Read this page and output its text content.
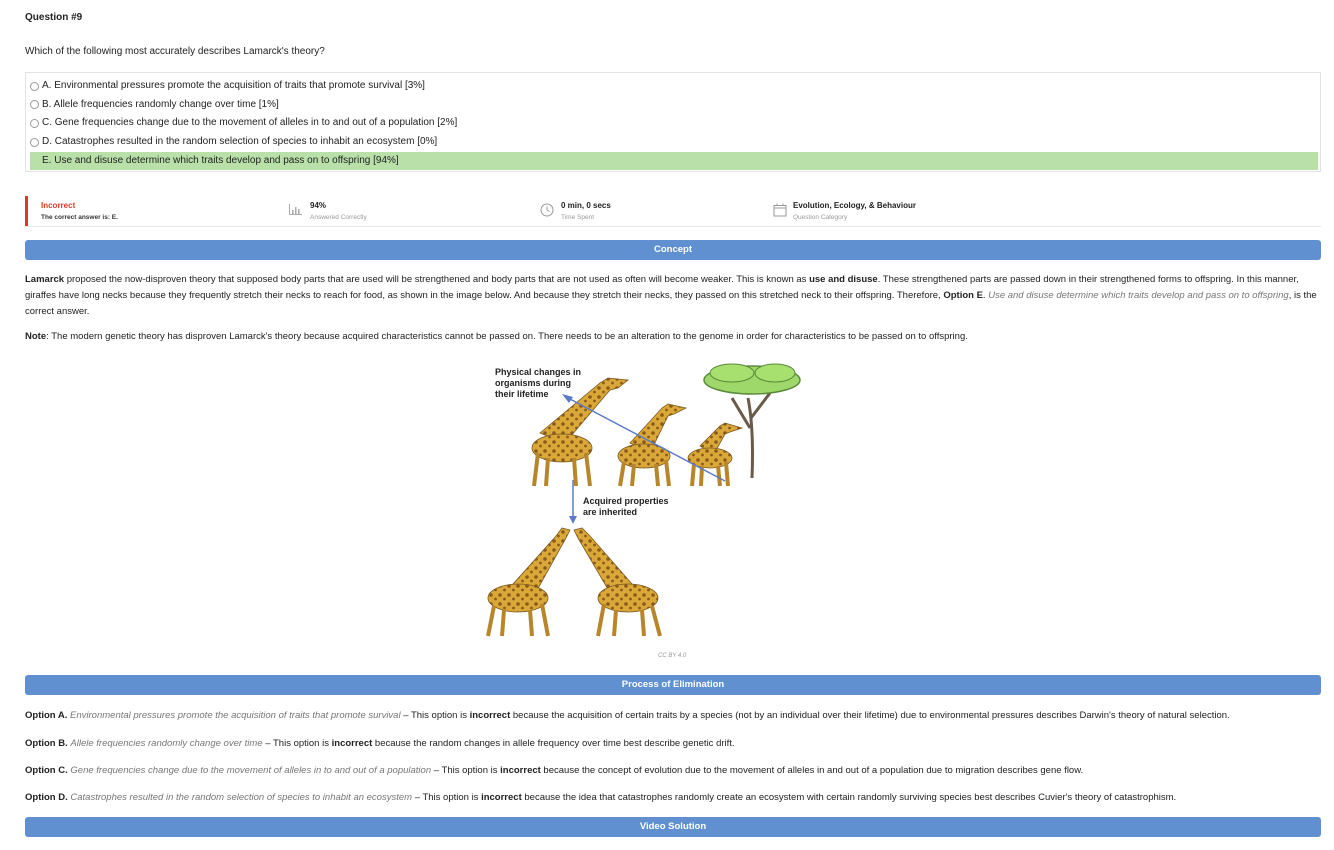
Question #9
Which of the following most accurately describes Lamarck's theory?
A. Environmental pressures promote the acquisition of traits that promote survival [3%]
B. Allele frequencies randomly change over time [1%]
C. Gene frequencies change due to the movement of alleles in to and out of a population [2%]
D. Catastrophes resulted in the random selection of species to inhabit an ecosystem [0%]
E. Use and disuse determine which traits develop and pass on to offspring [94%]
Incorrect
The correct answer is: E.
94%
Answered Correctly
0 min, 0 secs
Time Spent
Evolution, Ecology, & Behaviour
Question Category
Concept
Lamarck proposed the now-disproven theory that supposed body parts that are used will be strengthened and body parts that are not used as often will become weaker. This is known as use and disuse. These strengthened parts are passed down in their strengthened forms to offspring. In this manner, giraffes have long necks because they frequently stretch their necks to reach for food, as shown in the image below. And because they stretch their necks, they passed on this stretched neck to their offspring. Therefore, Option E. Use and disuse determine which traits develop and pass on to offspring, is the correct answer.
Note: The modern genetic theory has disproven Lamarck's theory because acquired characteristics cannot be passed on. There needs to be an alteration to the genome in order for characteristics to be passed on to offspring.
Physical changes in
organisms during
their lifetime
Acquired properties
are inherited
CC BY 4.0
Process of Elimination
Option A. Environmental pressures promote the acquisition of traits that promote survival – This option is incorrect because the acquisition of certain traits by a species (not by an individual over their lifetime) due to environmental pressures describes Darwin's theory of natural selection.
Option B. Allele frequencies randomly change over time – This option is incorrect because the random changes in allele frequency over time best describe genetic drift.
Option C. Gene frequencies change due to the movement of alleles in to and out of a population – This option is incorrect because the concept of evolution due to the movement of alleles in and out of a population due to migration describes gene flow.
Option D. Catastrophes resulted in the random selection of species to inhabit an ecosystem – This option is incorrect because the idea that catastrophes randomly create an ecosystem with certain randomly surviving species best describes Cuvier's theory of catastrophism.
Video Solution
